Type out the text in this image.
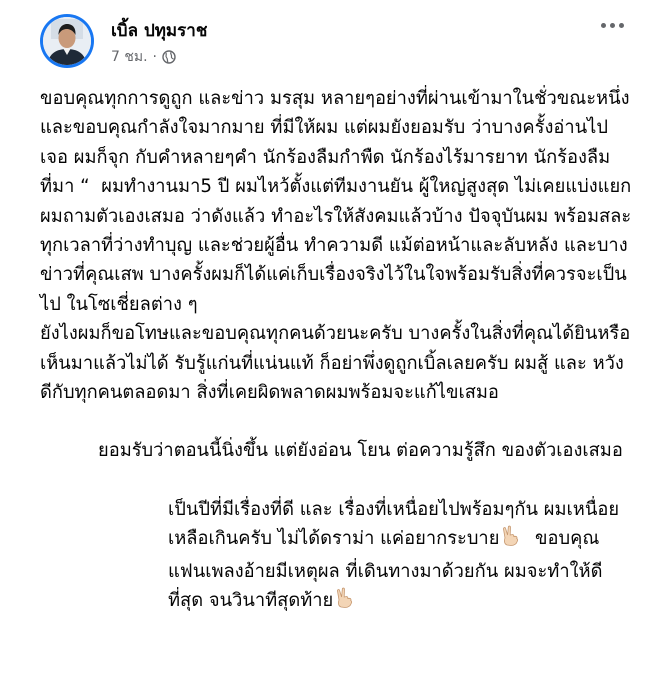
เบิ้ล ปทุมราช
7 ชม. ·

ขอบคุณทุกการดูถูก และข่าว มรสุม หลายๆอย่างที่ผ่านเข้ามาในชั่วขณะหนึ่ง และขอบคุณกำลังใจมากมาย ที่มีให้ผม แต่ผมยังยอมรับ ว่าบางครั้งอ่านไปเจอ ผมก็จุก กับคำหลายๆคำ นักร้องลืมกำพืด นักร้องไร้มารยาท นักร้องลืมที่มา “  ผมทำงานมา5 ปี ผมไหว้ตั้งแต่ทีมงานยัน ผู้ใหญ่สูงสุด ไม่เคยแบ่งแยก ผมถามตัวเองเสมอ ว่าดังแล้ว ทำอะไรให้สังคมแล้วบ้าง ปัจจุบันผม พร้อมสละทุกเวลาที่ว่างทำบุญ และช่วยผู้อื่น ทำความดี แม้ต่อหน้าและลับหลัง และบางข่าวที่คุณเสพ บางครั้งผมก็ได้แค่เก็บเรื่องจริงไว้ในใจพร้อมรับสิ่งที่ควรจะเป็นไป ในโซเชี่ยลต่าง ๆ

ยังไงผมก็ขอโทษและขอบคุณทุกคนด้วยนะครับ บางครั้งในสิ่งที่คุณได้ยินหรือเห็นมาแล้วไม่ได้ รับรู้แก่นที่แน่นแท้ ก็อย่าพึ่งดูถูกเบิ้ลเลยครับ ผมสู้ และ หวังดีกับทุกคนตลอดมา สิ่งที่เคยผิดพลาดผมพร้อมจะแก้ไขเสมอ

ยอมรับว่าตอนนี้นิ่งขึ้น แต่ยังอ่อน โยน ต่อความรู้สึก ของตัวเองเสมอ

เป็นปีที่มีเรื่องที่ดี และ เรื่องที่เหนื่อยไปพร้อมๆกัน ผมเหนื่อยเหลือเกินครับ ไม่ได้ดราม่า แค่อยากระบาย  ขอบคุณแฟนเพลงอ้ายมีเหตุผล ที่เดินทางมาด้วยกัน ผมจะทำให้ดีที่สุด จนวินาทีสุดท้าย
